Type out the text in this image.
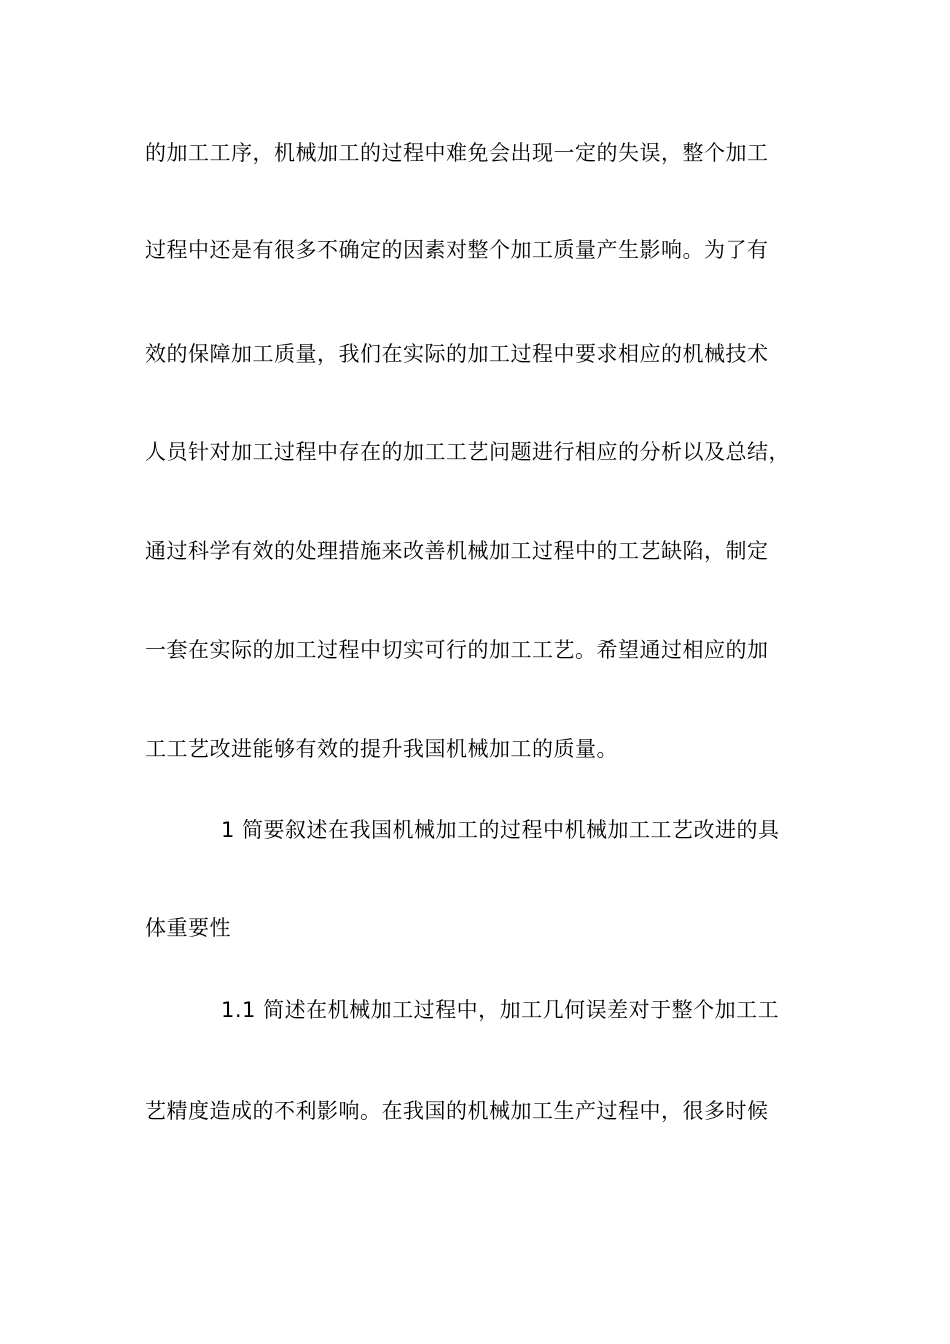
的加工工序，机械加工的过程中难免会出现一定的失误，整个加工
过程中还是有很多不确定的因素对整个加工质量产生影响。为了有
效的保障加工质量，我们在实际的加工过程中要求相应的机械技术
人员针对加工过程中存在的加工工艺问题进行相应的分析以及总结，
通过科学有效的处理措施来改善机械加工过程中的工艺缺陷，制定
一套在实际的加工过程中切实可行的加工工艺。希望通过相应的加
工工艺改进能够有效的提升我国机械加工的质量。
1 简要叙述在我国机械加工的过程中机械加工工艺改进的具
体重要性
1.1 简述在机械加工过程中，加工几何误差对于整个加工工
艺精度造成的不利影响。在我国的机械加工生产过程中，很多时候
